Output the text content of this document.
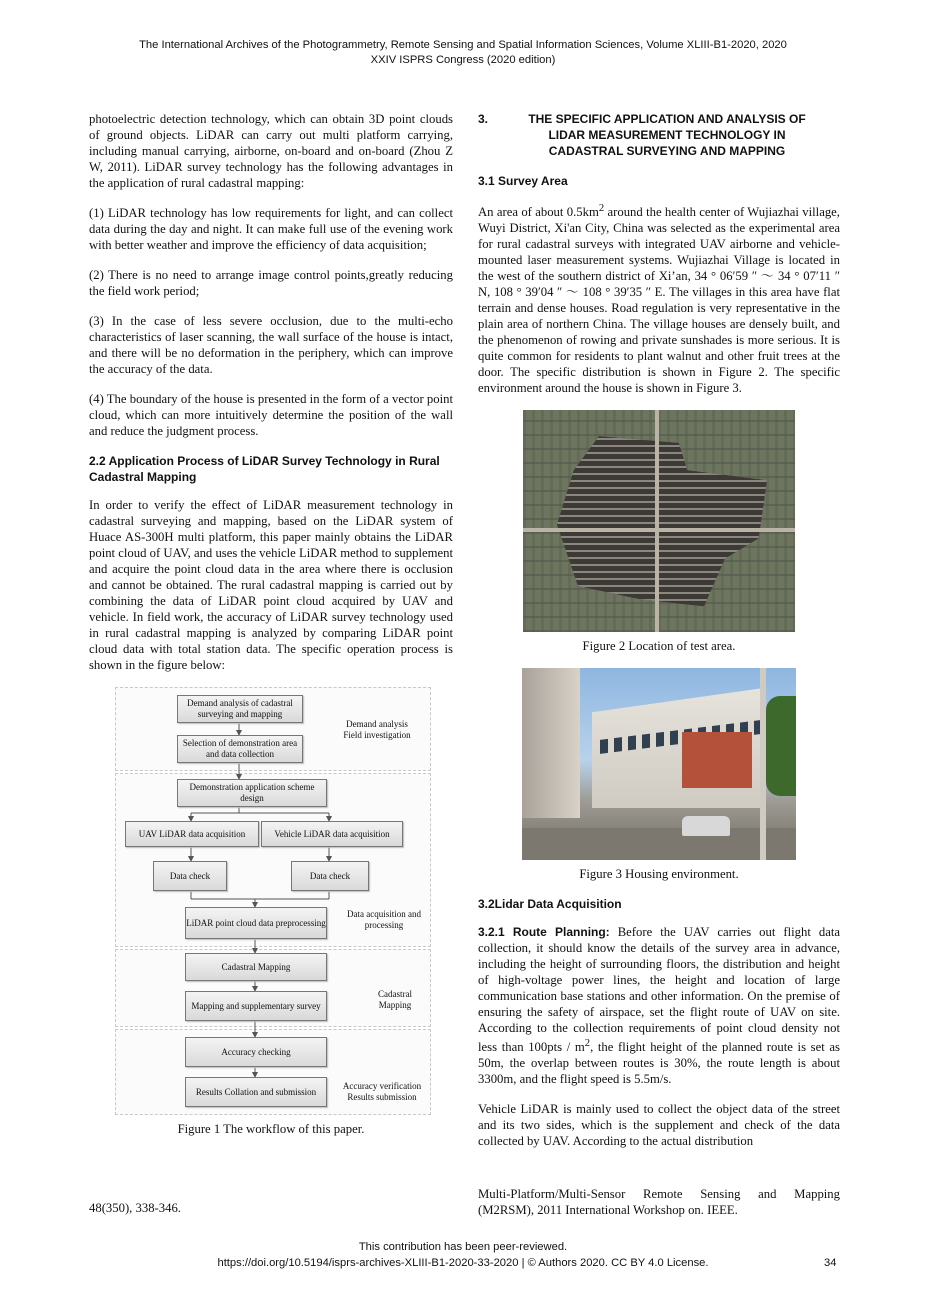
The International Archives of the Photogrammetry, Remote Sensing and Spatial Information Sciences, Volume XLIII-B1-2020, 2020
XXIV ISPRS Congress (2020 edition)

photoelectric detection technology, which can obtain 3D point clouds of ground objects. LiDAR can carry out multi platform carrying, including manual carrying, airborne, on-board and on-board (Zhou Z W, 2011). LiDAR survey technology has the following advantages in the application of rural cadastral mapping:

(1) LiDAR technology has low requirements for light, and can collect data during the day and night. It can make full use of the evening work with better weather and improve the efficiency of data acquisition;

(2) There is no need to arrange image control points,greatly reducing the field work period;

(3) In the case of less severe occlusion, due to the multi-echo characteristics of laser scanning, the wall surface of the house is intact, and there will be no deformation in the periphery, which can improve the accuracy of the data.

(4) The boundary of the house is presented in the form of a vector point cloud, which can more intuitively determine the position of the wall and reduce the judgment process.

2.2 Application Process of LiDAR Survey Technology in Rural Cadastral Mapping

In order to verify the effect of LiDAR measurement technology in cadastral surveying and mapping, based on the LiDAR system of Huace AS-300H multi platform, this paper mainly obtains the LiDAR point cloud of UAV, and uses the vehicle LiDAR method to supplement and acquire the point cloud data in the area where there is occlusion and cannot be obtained. The rural cadastral mapping is carried out by combining the data of LiDAR point cloud acquired by UAV and vehicle. In field work, the accuracy of LiDAR survey technology used in rural cadastral mapping is analyzed by comparing LiDAR point cloud data with total station data. The specific operation process is shown in the figure below:

Demand analysis of cadastral surveying and mapping
Selection of demonstration area and data collection
Demand analysis Field investigation
Demonstration application scheme design
UAV LiDAR data acquisition	Vehicle LiDAR data acquisition
Data check	Data check
LiDAR point cloud data preprocessing
Data acquisition and processing
Cadastral Mapping
Mapping and supplementary survey
Cadastral Mapping
Accuracy checking
Results Collation and submission
Accuracy verification Results submission

Figure 1 The workflow of this paper.

48(350), 338-346.
3.	THE SPECIFIC APPLICATION AND ANALYSIS OF LIDAR MEASUREMENT TECHNOLOGY IN CADASTRAL SURVEYING AND MAPPING
3.1 Survey Area

An area of about $0.5km^2$ around the health center of Wujiazhai village, Wuyi District, Xi'an City, China was selected as the experimental area for rural cadastral surveys with integrated UAV airborne and vehicle-mounted laser measurement systems. Wujiazhai Village is located in the west of the southern district of Xi’an, 34 ° 06′59 ″ ～ 34 ° 07′11 ″ N, 108 ° 39′04 ″ ～ 108 ° 39′35 ″ E. The villages in this area have flat terrain and dense houses. Road regulation is very representative in the plain area of northern China. The village houses are densely built, and the phenomenon of rowing and private sunshades is more serious. It is quite common for residents to plant walnut and other fruit trees at the door. The specific distribution is shown in Figure 2. The specific environment around the house is shown in Figure 3.

Figure 2 Location of test area.

Figure 3 Housing environment.

3.2Lidar Data Acquisition

3.2.1 Route Planning: Before the UAV carries out flight data collection, it should know the details of the survey area in advance, including the height of surrounding floors, the distribution and height of high-voltage power lines, the height and location of large communication base stations and other information. On the premise of ensuring the safety of airspace, set the flight route of UAV on site. According to the collection requirements of point cloud density not less than $100pts / m^2$, the flight height of the planned route is set as 50m, the overlap between routes is 30%, the route length is about 3300m, and the flight speed is 5.5m/s.

Vehicle LiDAR is mainly used to collect the object data of the street and its two sides, which is the supplement and check of the data collected by UAV. According to the actual distribution

Multi-Platform/Multi-Sensor Remote Sensing and Mapping (M2RSM), 2011 International Workshop on. IEEE.
This contribution has been peer-reviewed.
https://doi.org/10.5194/isprs-archives-XLIII-B1-2020-33-2020 | © Authors 2020. CC BY 4.0 License.	34
